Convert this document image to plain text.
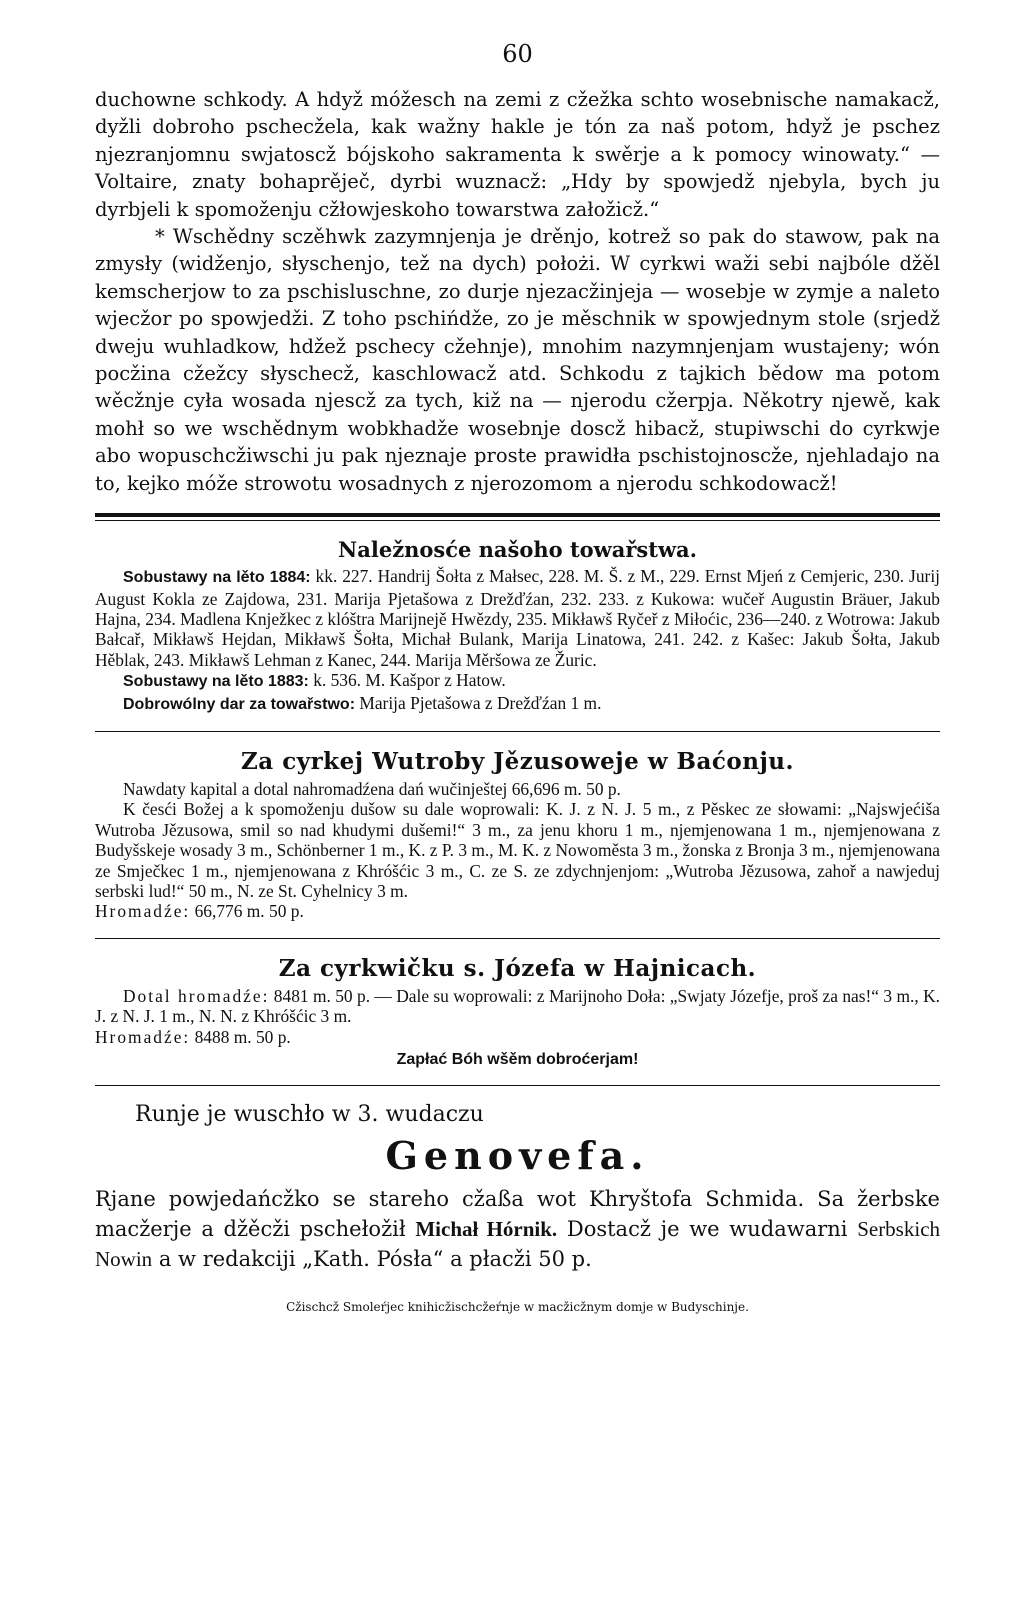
60

duchowne schkody. A hdyž móžesch na zemi z cžežka schto wosebnische namakacž, dyžli dobroho pschecžela, kak wažny hakle je tón za naš potom, hdyž je pschez njezranjomnu swjatoscž bójskoho sakramenta k swěrje a k pomocy winowaty.“ — Voltaire, znaty bohaprěječ, dyrbi wuznacž: „Hdy by spowjedž njebyla, bych ju dyrbjeli k spomoženju cžłowjeskoho towarstwa załožicž.“

* Wschědny sczěhwk zazymnjenja je drěnjo, kotrež so pak do stawow, pak na zmysły (widženjo, słyschenjo, tež na dych) położi. W cyrkwi waži sebi najbóle džěl kemscherjow to za pschisluschne, zo durje njezacžinjeja — wosebje w zymje a naleto wjecžor po spowjedži. Z toho pschińdže, zo je měschnik w spowjednym stole (srjedž dweju wuhladkow, hdžež pschecy cžehnje), mnohim nazymnjenjam wustajeny; wón pocžina cžežcy słyschecž, kaschlowacž atd. Schkodu z tajkich bědow ma potom wěcžnje cyła wosada njescž za tych, kiž na — njerodu cžerpja. Někotry njewě, kak mohł so we wschědnym wobkhadže wosebnje doscž hibacž, stupiwschi do cyrkwje abo wopuschcžiwschi ju pak njeznaje proste prawidła pschistojnoscže, njehladajo na to, kejko móže strowotu wosadnych z njerozomom a njerodu schkodowacž!

Naležnosće našoho towařstwa.

Sobustawy na lěto 1884: kk. 227. Handrij Šołta z Małsec, 228. M. Š. z M., 229. Ernst Mjeń z Cemjeric, 230. Jurij August Kokla ze Zajdowa, 231. Marija Pjetašowa z Drežďźan, 232. 233. z Kukowa: wučeř Augustin Bräuer, Jakub Hajna, 234. Madlena Knježkec z klóštra Marijnejě Hwězdy, 235. Mikławš Ryčeř z Miłoćic, 236—240. z Wotrowa: Jakub Bałcař, Mikławš Hejdan, Mikławš Šołta, Michał Bulank, Marija Linatowa, 241. 242. z Kašec: Jakub Šołta, Jakub Hěblak, 243. Mikławš Lehman z Kanec, 244. Marija Měršowa ze Žuric.

Sobustawy na lěto 1883: k. 536. M. Kašpor z Hatow.

Dobrowólny dar za towařstwo: Marija Pjetašowa z Drežďźan 1 m.

Za cyrkej Wutroby Jězusoweje w Baćonju.

Nawdaty kapital a dotal nahromadźena dań wučinještej 66,696 m. 50 p.

K česći Božej a k spomoženju dušow su dale woprowali: K. J. z N. J. 5 m., z Pěskec ze słowami: „Najswjećiša Wutroba Jězusowa, smil so nad khudymi dušemi!“ 3 m., za jenu khoru 1 m., njemjenowana 1 m., njemjenowana z Budyšskeje wosady 3 m., Schönberner 1 m., K. z P. 3 m., M. K. z Nowoměsta 3 m., žonska z Bronja 3 m., njemjenowana ze Smječkec 1 m., njemjenowana z Khróšćic 3 m., C. ze S. ze zdychnjenjom: „Wutroba Jězusowa, zahoř a nawjeduj serbski lud!“ 50 m., N. ze St. Cyhelnicy 3 m.

Hromadźe: 66,776 m. 50 p.

Za cyrkwičku s. Józefa w Hajnicach.

Dotal hromadźe: 8481 m. 50 p. — Dale su woprowali: z Marijnoho Doła: „Swjaty Józefje, proš za nas!“ 3 m., K. J. z N. J. 1 m., N. N. z Khróšćic 3 m.

Hromadźe: 8488 m. 50 p.

Zapłać Bóh wšěm dobroćerjam!

Runje je wuschło w 3. wudaczu

Genovefa.

Rjane powjedańcžko se stareho cžaßa wot Khryštofa Schmida. Sa žerbske macžerje a džěcži pschełožił Michał Hórnik. Dostacž je we wudawarni Serbskich Nowin a w redakciji „Kath. Pósła“ a płacži 50 p.

Cžischcž Smoleŕjec knihicžischcžeŕnje w macžicžnym domje w Budyschinje.
